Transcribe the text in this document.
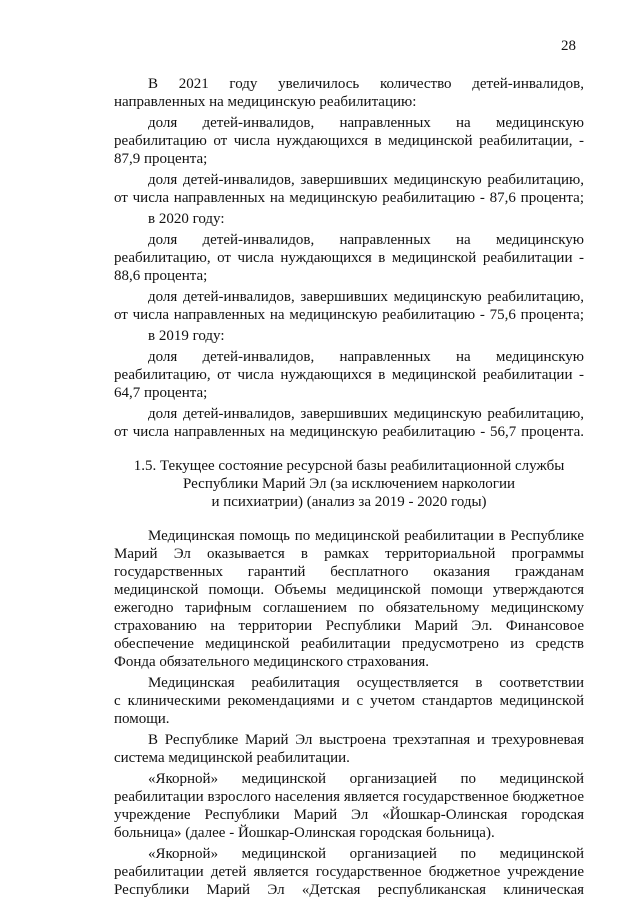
28
В 2021 году увеличилось количество детей-инвалидов,
направленных на медицинскую реабилитацию:
доля детей-инвалидов, направленных на медицинскую
реабилитацию от числа нуждающихся в медицинской реабилитации, -
87,9 процента;
доля детей-инвалидов, завершивших медицинскую реабилитацию,
от числа направленных на медицинскую реабилитацию - 87,6 процента;
в 2020 году:
доля детей-инвалидов, направленных на медицинскую
реабилитацию, от числа нуждающихся в медицинской реабилитации -
88,6 процента;
доля детей-инвалидов, завершивших медицинскую реабилитацию,
от числа направленных на медицинскую реабилитацию - 75,6 процента;
в 2019 году:
доля детей-инвалидов, направленных на медицинскую
реабилитацию, от числа нуждающихся в медицинской реабилитации -
64,7 процента;
доля детей-инвалидов, завершивших медицинскую реабилитацию,
от числа направленных на медицинскую реабилитацию - 56,7 процента.
1.5. Текущее состояние ресурсной базы реабилитационной службы
Республики Марий Эл (за исключением наркологии
и психиатрии) (анализ за 2019 - 2020 годы)
Медицинская помощь по медицинской реабилитации в Республике
Марий Эл оказывается в рамках территориальной программы
государственных гарантий бесплатного оказания гражданам
медицинской помощи. Объемы медицинской помощи утверждаются
ежегодно тарифным соглашением по обязательному медицинскому
страхованию на территории Республики Марий Эл. Финансовое
обеспечение медицинской реабилитации предусмотрено из средств
Фонда обязательного медицинского страхования.
Медицинская реабилитация осуществляется в соответствии
с клиническими рекомендациями и с учетом стандартов медицинской
помощи.
В Республике Марий Эл выстроена трехэтапная и трехуровневая
система медицинской реабилитации.
«Якорной» медицинской организацией по медицинской
реабилитации взрослого населения является государственное бюджетное
учреждение Республики Марий Эл «Йошкар-Олинская городская
больница» (далее - Йошкар-Олинская городская больница).
«Якорной» медицинской организацией по медицинской
реабилитации детей является государственное бюджетное учреждение
Республики Марий Эл «Детская республиканская клиническая
